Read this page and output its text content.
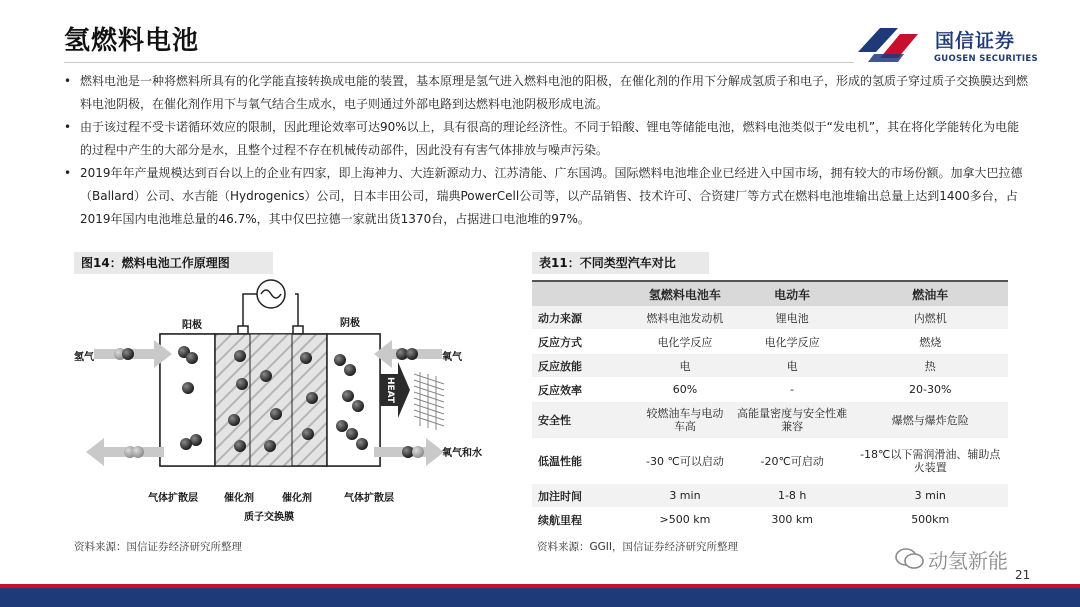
氢燃料电池	国信证券
GUOSEN SECURITIES
• 燃料电池是一种将燃料所具有的化学能直接转换成电能的装置，基本原理是氢气进入燃料电池的阳极，在催化剂的作用下分解成氢质子和电子，形成的氢质子穿过质子交换膜达到燃料电池阴极，在催化剂作用下与氧气结合生成水，电子则通过外部电路到达燃料电池阴极形成电流。
• 由于该过程不受卡诺循环效应的限制，因此理论效率可达90%以上，具有很高的理论经济性。不同于铅酸、锂电等储能电池，燃料电池类似于“发电机”，其在将化学能转化为电能的过程中产生的大部分是水，且整个过程不存在机械传动部件，因此没有有害气体排放与噪声污染。
• 2019年年产量规模达到百台以上的企业有四家，即上海神力、大连新源动力、江苏清能、广东国鸿。国际燃料电池堆企业已经进入中国市场，拥有较大的市场份额。加拿大巴拉德（Ballard）公司、水吉能（Hydrogenics）公司，日本丰田公司，瑞典PowerCell公司等，以产品销售、技术许可、合资建厂等方式在燃料电池堆输出总量上达到1400多台，占2019年国内电池堆总量的46.7%，其中仅巴拉德一家就出货1370台，占据进口电池堆的97%。
图14：燃料电池工作原理图	表11：不同类型汽车对比
HEAT
阳极	阴极
氢气	氧气
氧气和水
气体扩散层	催化剂	催化剂	气体扩散层
质子交换膜
	氢燃料电池车	电动车	燃油车
动力来源	燃料电池发动机	锂电池	内燃机
反应方式	电化学反应	电化学反应	燃烧
反应放能	电	电	热
反应效率	60%	-	20-30%
安全性	较燃油车与电动车高	高能量密度与安全性难兼容	爆燃与爆炸危险
低温性能	-30 ℃可以启动	-20℃可启动	-18℃以下需润滑油、辅助点火装置
加注时间	3 min	1-8 h	3 min
续航里程	>500 km	300 km	500km
资料来源：国信证券经济研究所整理	资料来源：GGII，国信证券经济研究所整理
动氢新能
21
